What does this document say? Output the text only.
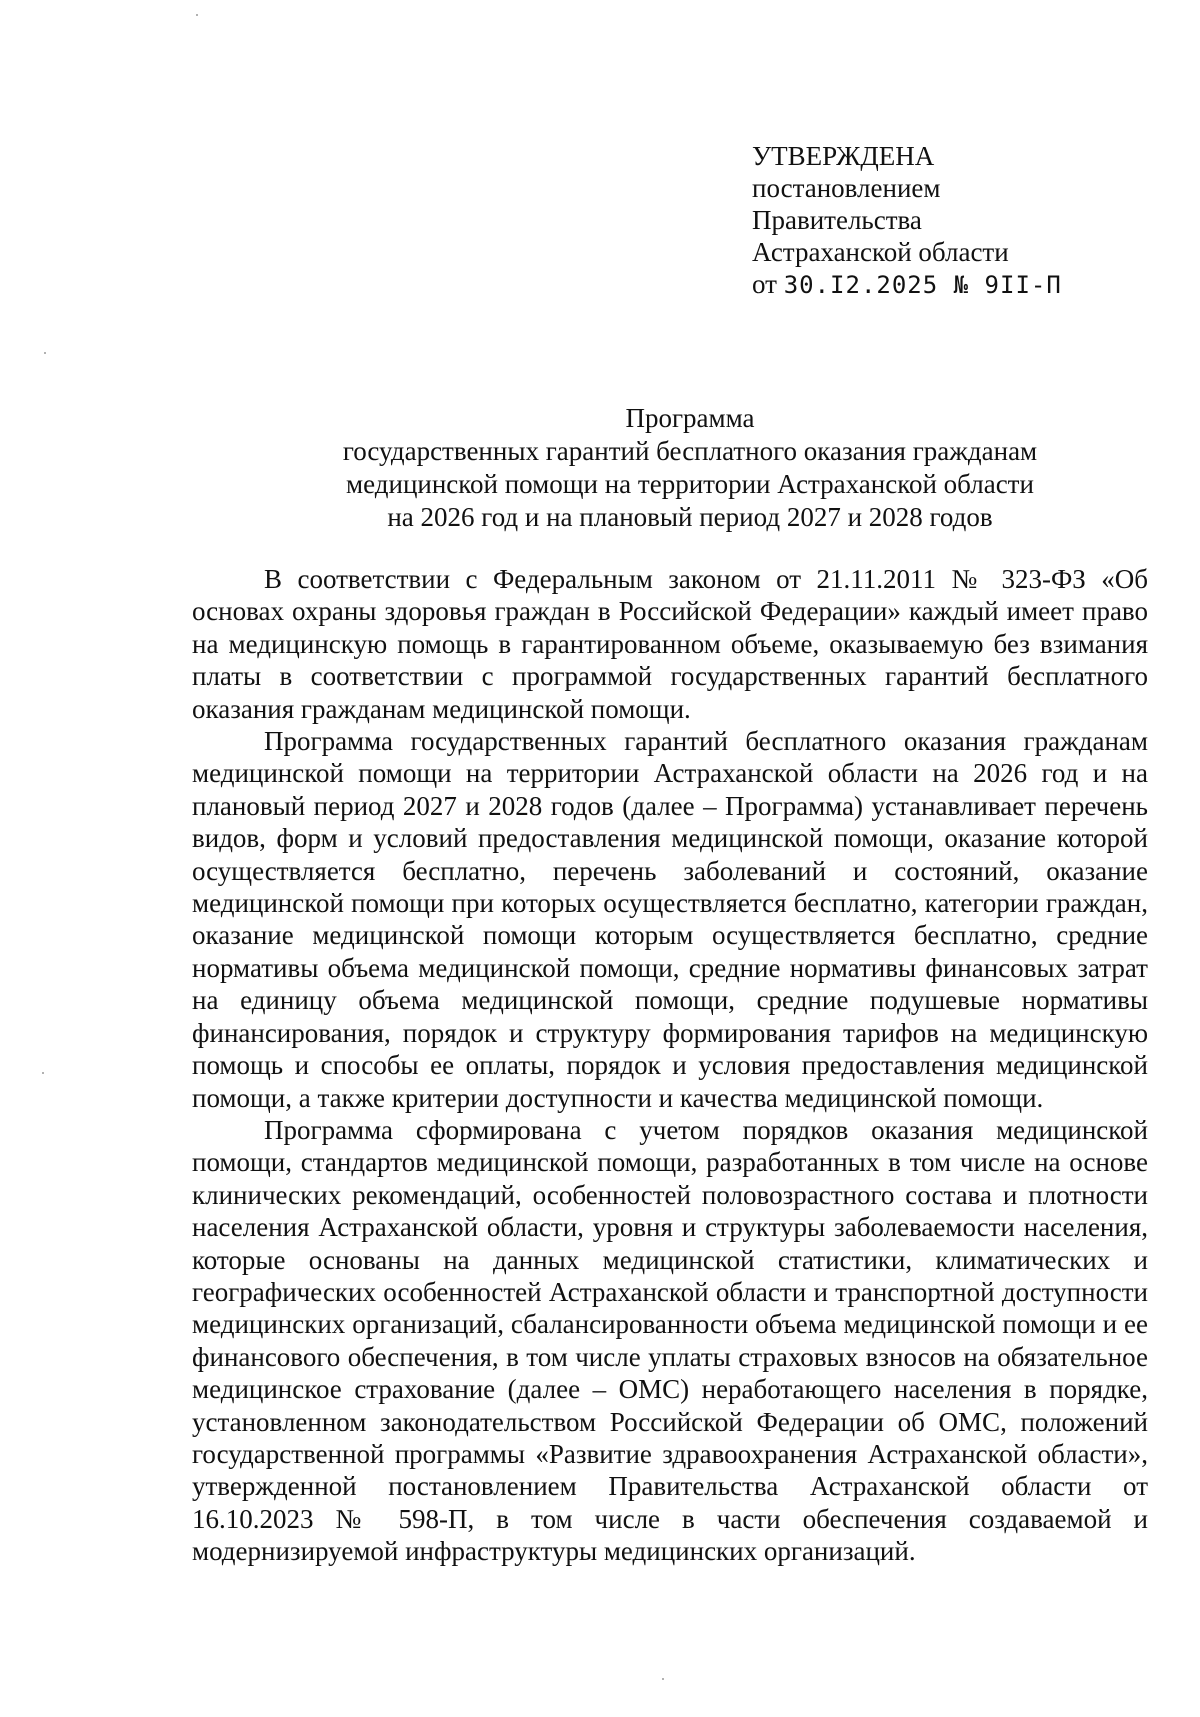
УТВЕРЖДЕНА
постановлением
Правительства
Астраханской области
от 30.I2.2025 № 9II-П
Программа
государственных гарантий бесплатного оказания гражданам
медицинской помощи на территории Астраханской области
на 2026 год и на плановый период 2027 и 2028 годов

В соответствии с Федеральным законом от 21.11.2011 № 323-ФЗ «Об основах охраны здоровья граждан в Российской Федерации» каждый имеет право на медицинскую помощь в гарантированном объеме, оказываемую без взимания платы в соответствии с программой государственных гарантий бесплатного оказания гражданам медицинской помощи.

Программа государственных гарантий бесплатного оказания гражданам медицинской помощи на территории Астраханской области на 2026 год и на плановый период 2027 и 2028 годов (далее – Программа) устанавливает перечень видов, форм и условий предоставления медицинской помощи, оказание которой осуществляется бесплатно, перечень заболеваний и состояний, оказание медицинской помощи при которых осуществляется бесплатно, категории граждан, оказание медицинской помощи которым осуществляется бесплатно, средние нормативы объема медицинской помощи, средние нормативы финансовых затрат на единицу объема медицинской помощи, средние подушевые нормативы финансирования, порядок и структуру формирования тарифов на медицинскую помощь и способы ее оплаты, порядок и условия предоставления медицинской помощи, а также критерии доступности и качества медицинской помощи.

Программа сформирована с учетом порядков оказания медицинской помощи, стандартов медицинской помощи, разработанных в том числе на основе клинических рекомендаций, особенностей половозрастного состава и плотности населения Астраханской области, уровня и структуры заболеваемости населения, которые основаны на данных медицинской статистики, климатических и географических особенностей Астраханской области и транспортной доступности медицинских организаций, сбалансированности объема медицинской помощи и ее финансового обеспечения, в том числе уплаты страховых взносов на обязательное медицинское страхование (далее – ОМС) неработающего населения в порядке, установленном законодательством Российской Федерации об ОМС, положений государственной программы «Развитие здравоохранения Астраханской области», утвержденной постановлением Правительства Астраханской области от 16.10.2023 № 598-П, в том числе в части обеспечения создаваемой и модернизируемой инфраструктуры медицинских организаций.
